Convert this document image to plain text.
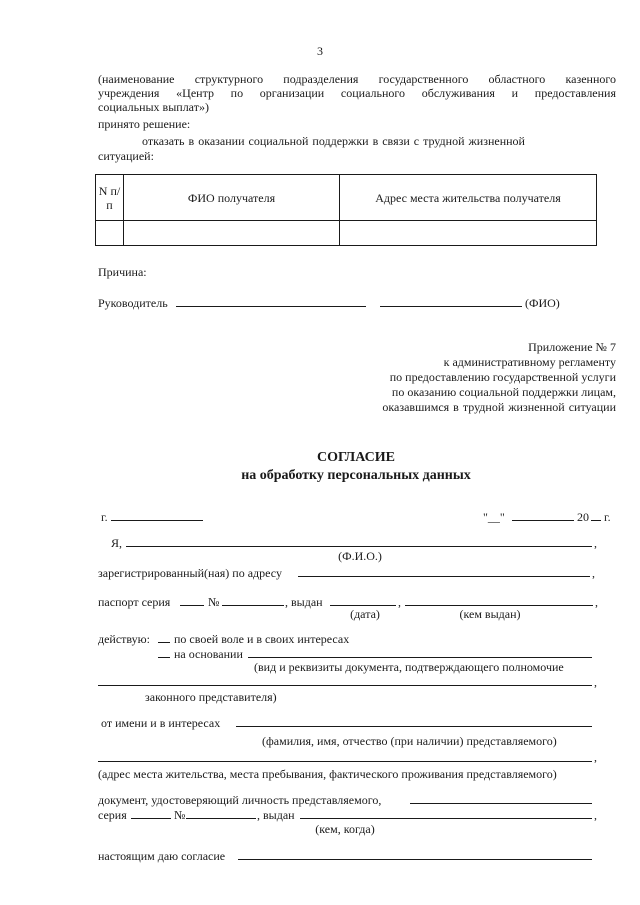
3
(наименование структурного подразделения государственного областного казенного
учреждения «Центр по организации социального обслуживания и предоставления
социальных выплат»)
принято решение:
отказать в оказании социальной поддержки в связи с трудной жизненной
ситуацией:
N п/п	ФИО получателя	Адрес места жительства получателя

Причина:
Руководитель	(ФИО)
Приложение № 7
к административному регламенту
по предоставлению государственной услуги
по оказанию социальной поддержки лицам,
оказавшимся в трудной жизненной ситуации
СОГЛАСИЕ
на обработку персональных данных
г.	"__"	20 г.
Я,	,
(Ф.И.О.)
зарегистрированный(ная) по адресу	,
паспорт серия	№	, выдан	,	,
(дата)	(кем выдан)
действую: по своей воле и в своих интересах
на основании
(вид и реквизиты документа, подтверждающего полномочие
,
законного представителя)
от имени и в интересах
(фамилия, имя, отчество (при наличии) представляемого)
,
(адрес места жительства, места пребывания, фактического проживания представляемого)
документ, удостоверяющий личность представляемого,
серия	№	, выдан	,
(кем, когда)
настоящим даю согласие
